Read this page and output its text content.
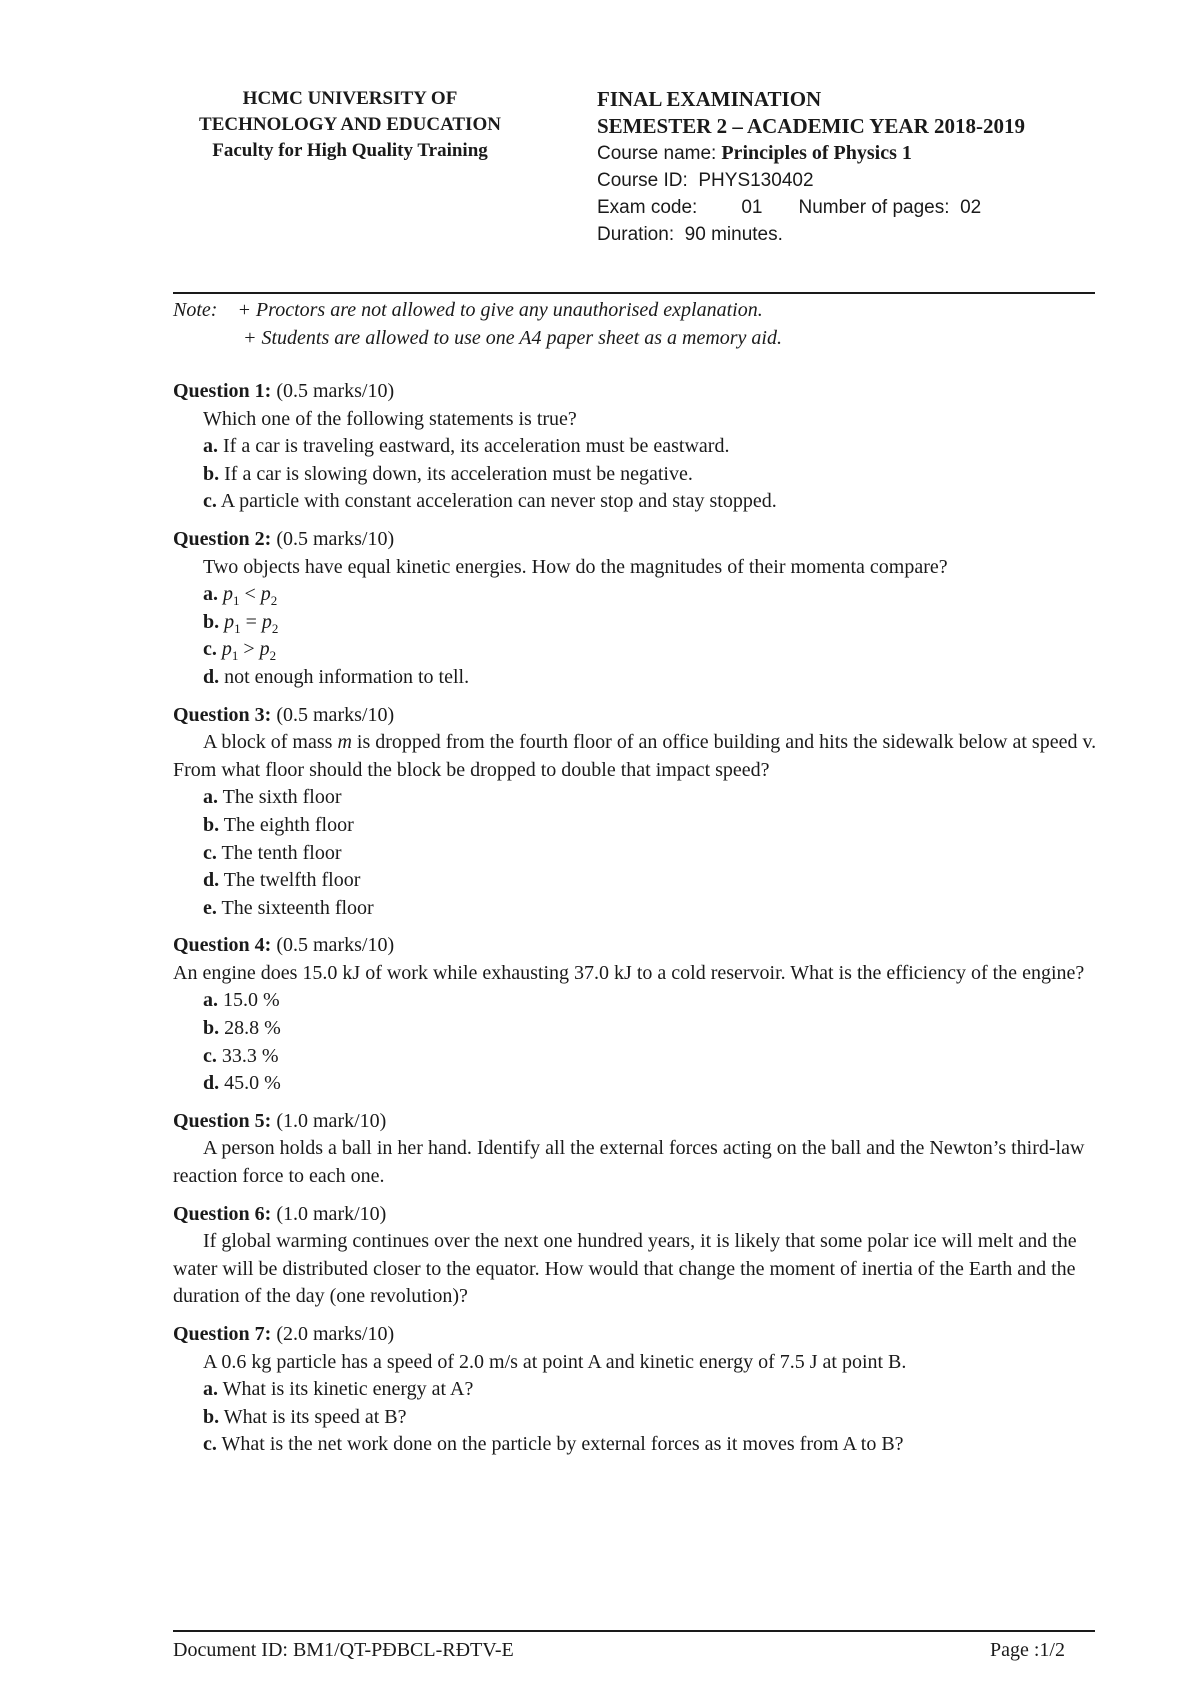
HCMC UNIVERSITY OF
TECHNOLOGY AND EDUCATION
Faculty for High Quality Training
FINAL EXAMINATION
SEMESTER 2 – ACADEMIC YEAR 2018-2019
Course name: Principles of Physics 1
Course ID: PHYS130402
Exam code: 01 Number of pages: 02
Duration: 90 minutes.
Note: + Proctors are not allowed to give any unauthorised explanation.
+ Students are allowed to use one A4 paper sheet as a memory aid.
Question 1: (0.5 marks/10)
Which one of the following statements is true?
a. If a car is traveling eastward, its acceleration must be eastward.
b. If a car is slowing down, its acceleration must be negative.
c. A particle with constant acceleration can never stop and stay stopped.
Question 2: (0.5 marks/10)
Two objects have equal kinetic energies. How do the magnitudes of their momenta compare?
a. $p_1 < p_2$
b. $p_1 = p_2$
c. $p_1 > p_2$
d. not enough information to tell.
Question 3: (0.5 marks/10)
A block of mass m is dropped from the fourth floor of an office building and hits the sidewalk below at speed v. From what floor should the block be dropped to double that impact speed?
a. The sixth floor
b. The eighth floor
c. The tenth floor
d. The twelfth floor
e. The sixteenth floor
Question 4: (0.5 marks/10)
An engine does 15.0 kJ of work while exhausting 37.0 kJ to a cold reservoir. What is the efficiency of the engine?
a. 15.0 %
b. 28.8 %
c. 33.3 %
d. 45.0 %
Question 5: (1.0 mark/10)
A person holds a ball in her hand. Identify all the external forces acting on the ball and the Newton’s third-law reaction force to each one.
Question 6: (1.0 mark/10)
If global warming continues over the next one hundred years, it is likely that some polar ice will melt and the water will be distributed closer to the equator. How would that change the moment of inertia of the Earth and the duration of the day (one revolution)?
Question 7: (2.0 marks/10)
A 0.6 kg particle has a speed of 2.0 m/s at point A and kinetic energy of 7.5 J at point B.
a. What is its kinetic energy at A?
b. What is its speed at B?
c. What is the net work done on the particle by external forces as it moves from A to B?
Document ID: BM1/QT-PĐBCL-RĐTV-E	Page :1/2
